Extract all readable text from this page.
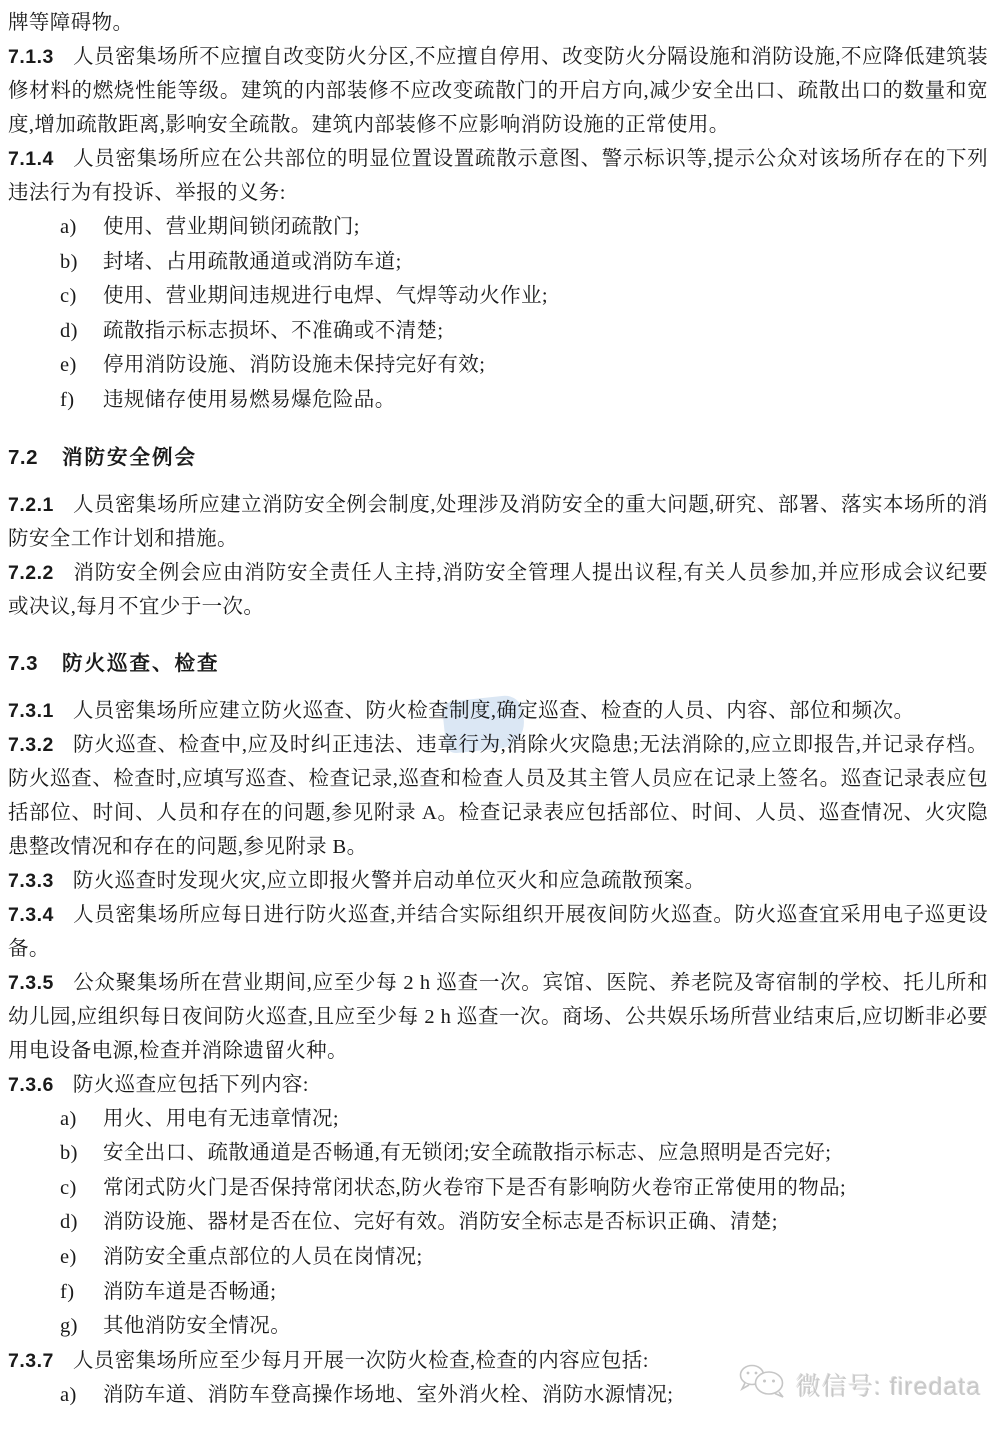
牌等障碍物。
7.1.3 人员密集场所不应擅自改变防火分区,不应擅自停用、改变防火分隔设施和消防设施,不应降低建筑装修材料的燃烧性能等级。建筑的内部装修不应改变疏散门的开启方向,减少安全出口、疏散出口的数量和宽度,增加疏散距离,影响安全疏散。建筑内部装修不应影响消防设施的正常使用。
7.1.4 人员密集场所应在公共部位的明显位置设置疏散示意图、警示标识等,提示公众对该场所存在的下列违法行为有投诉、举报的义务:
a) 使用、营业期间锁闭疏散门;
b) 封堵、占用疏散通道或消防车道;
c) 使用、营业期间违规进行电焊、气焊等动火作业;
d) 疏散指示标志损坏、不准确或不清楚;
e) 停用消防设施、消防设施未保持完好有效;
f) 违规储存使用易燃易爆危险品。
7.2 消防安全例会
7.2.1 人员密集场所应建立消防安全例会制度,处理涉及消防安全的重大问题,研究、部署、落实本场所的消防安全工作计划和措施。
7.2.2 消防安全例会应由消防安全责任人主持,消防安全管理人提出议程,有关人员参加,并应形成会议纪要或决议,每月不宜少于一次。
7.3 防火巡查、检查
7.3.1 人员密集场所应建立防火巡查、防火检查制度,确定巡查、检查的人员、内容、部位和频次。
7.3.2 防火巡查、检查中,应及时纠正违法、违章行为,消除火灾隐患;无法消除的,应立即报告,并记录存档。防火巡查、检查时,应填写巡查、检查记录,巡查和检查人员及其主管人员应在记录上签名。巡查记录表应包括部位、时间、人员和存在的问题,参见附录 A。检查记录表应包括部位、时间、人员、巡查情况、火灾隐患整改情况和存在的问题,参见附录 B。
7.3.3 防火巡查时发现火灾,应立即报火警并启动单位灭火和应急疏散预案。
7.3.4 人员密集场所应每日进行防火巡查,并结合实际组织开展夜间防火巡查。防火巡查宜采用电子巡更设备。
7.3.5 公众聚集场所在营业期间,应至少每 2 h 巡查一次。宾馆、医院、养老院及寄宿制的学校、托儿所和幼儿园,应组织每日夜间防火巡查,且应至少每 2 h 巡查一次。商场、公共娱乐场所营业结束后,应切断非必要用电设备电源,检查并消除遗留火种。
7.3.6 防火巡查应包括下列内容:
a) 用火、用电有无违章情况;
b) 安全出口、疏散通道是否畅通,有无锁闭;安全疏散指示标志、应急照明是否完好;
c) 常闭式防火门是否保持常闭状态,防火卷帘下是否有影响防火卷帘正常使用的物品;
d) 消防设施、器材是否在位、完好有效。消防安全标志是否标识正确、清楚;
e) 消防安全重点部位的人员在岗情况;
f) 消防车道是否畅通;
g) 其他消防安全情况。
7.3.7 人员密集场所应至少每月开展一次防火检查,检查的内容应包括:
a) 消防车道、消防车登高操作场地、室外消火栓、消防水源情况;	微信号: firedata
